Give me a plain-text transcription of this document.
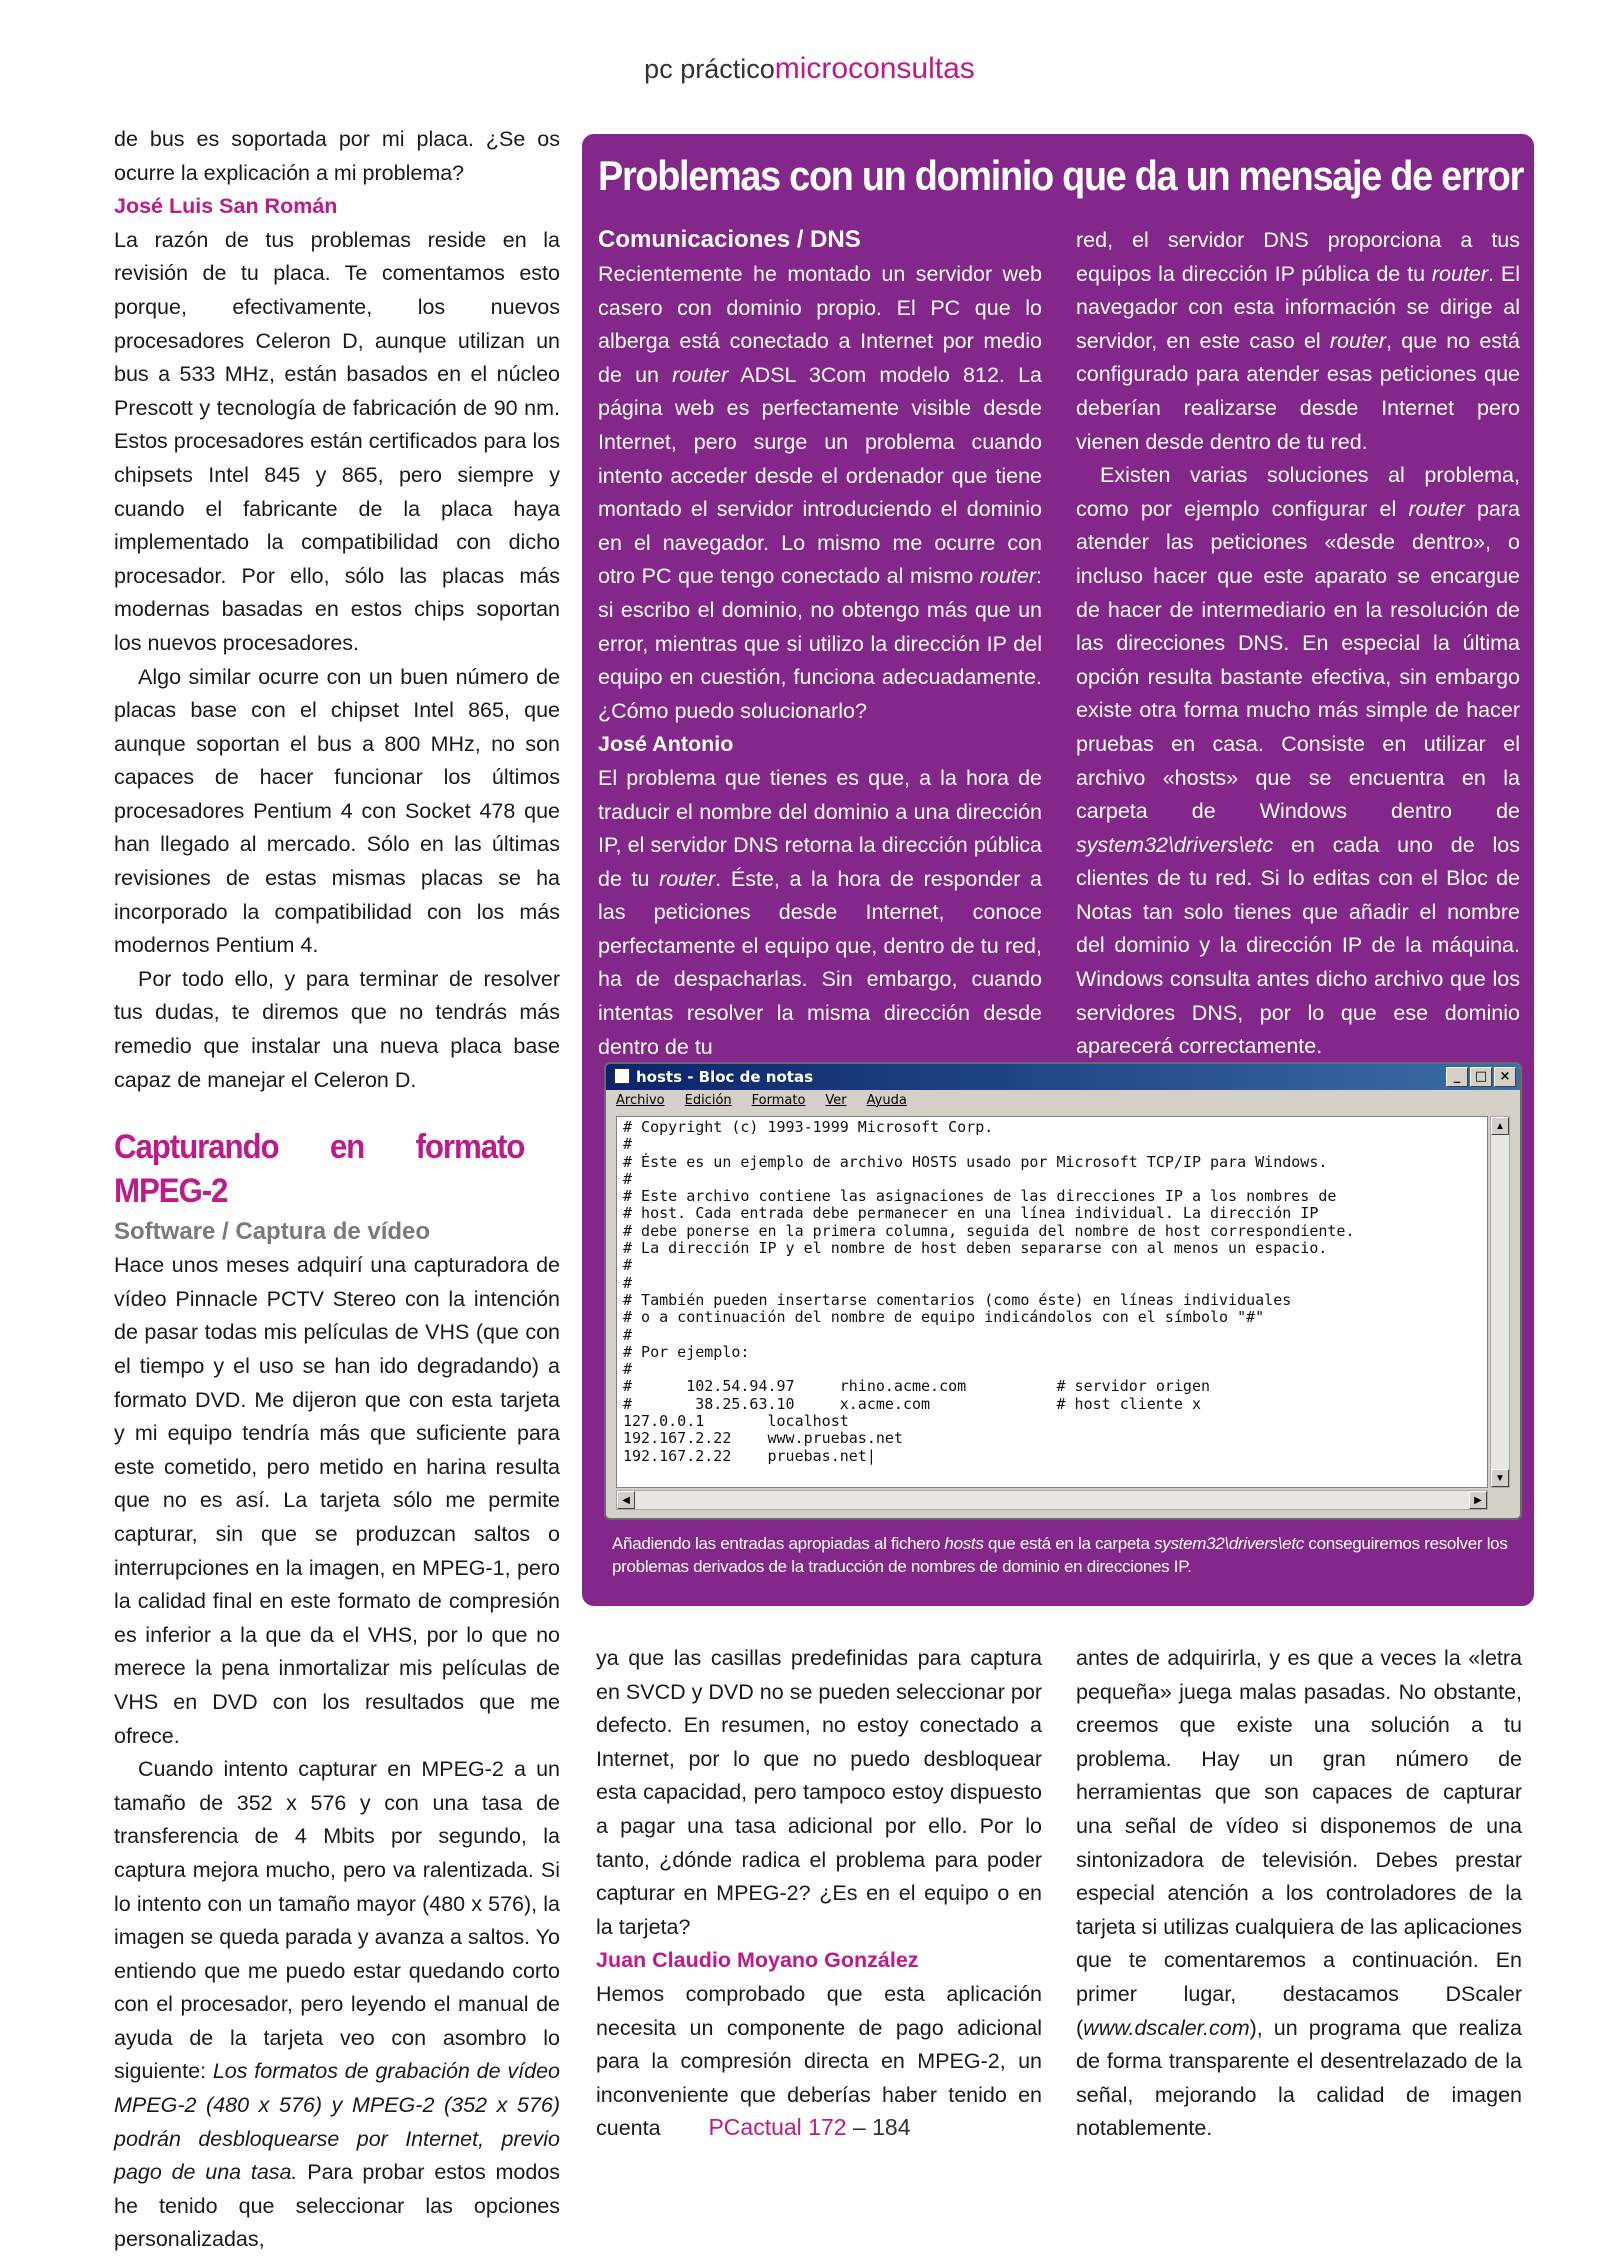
pc prácticomicroconsultas

de bus es soportada por mi placa. ¿Se os ocurre la explicación a mi problema?

José Luis San Román

La razón de tus problemas reside en la revisión de tu placa. Te comentamos esto porque, efectivamente, los nuevos procesadores Celeron D, aunque utilizan un bus a 533 MHz, están basados en el núcleo Prescott y tecnología de fabricación de 90 nm. Estos procesadores están certificados para los chipsets Intel 845 y 865, pero siempre y cuando el fabricante de la placa haya implementado la compatibilidad con dicho procesador. Por ello, sólo las placas más modernas basadas en estos chips soportan los nuevos procesadores.

Algo similar ocurre con un buen número de placas base con el chipset Intel 865, que aunque soportan el bus a 800 MHz, no son capaces de hacer funcionar los últimos procesadores Pentium 4 con Socket 478 que han llegado al mercado. Sólo en las últimas revisiones de estas mismas placas se ha incorporado la compatibilidad con los más modernos Pentium 4.

Por todo ello, y para terminar de resolver tus dudas, te diremos que no tendrás más remedio que instalar una nueva placa base capaz de manejar el Celeron D.

Capturando en formato MPEG-2

Software / Captura de vídeo

Hace unos meses adquirí una capturadora de vídeo Pinnacle PCTV Stereo con la intención de pasar todas mis películas de VHS (que con el tiempo y el uso se han ido degradando) a formato DVD. Me dijeron que con esta tarjeta y mi equipo tendría más que suficiente para este cometido, pero metido en harina resulta que no es así. La tarjeta sólo me permite capturar, sin que se produzcan saltos o interrupciones en la imagen, en MPEG-1, pero la calidad final en este formato de compresión es inferior a la que da el VHS, por lo que no merece la pena inmortalizar mis películas de VHS en DVD con los resultados que me ofrece.

Cuando intento capturar en MPEG-2 a un tamaño de 352 x 576 y con una tasa de transferencia de 4 Mbits por segundo, la captura mejora mucho, pero va ralentizada. Si lo intento con un tamaño mayor (480 x 576), la imagen se queda parada y avanza a saltos. Yo entiendo que me puedo estar quedando corto con el procesador, pero leyendo el manual de ayuda de la tarjeta veo con asombro lo siguiente: Los formatos de grabación de vídeo MPEG-2 (480 x 576) y MPEG-2 (352 x 576) podrán desbloquearse por Internet, previo pago de una tasa. Para probar estos modos he tenido que seleccionar las opciones personalizadas,

Problemas con un dominio que da un mensaje de error

Comunicaciones / DNS

Recientemente he montado un servidor web casero con dominio propio. El PC que lo alberga está conectado a Internet por medio de un router ADSL 3Com modelo 812. La página web es perfectamente visible desde Internet, pero surge un problema cuando intento acceder desde el ordenador que tiene montado el servidor introduciendo el dominio en el navegador. Lo mismo me ocurre con otro PC que tengo conectado al mismo router: si escribo el dominio, no obtengo más que un error, mientras que si utilizo la dirección IP del equipo en cuestión, funciona adecuadamente. ¿Cómo puedo solucionarlo?

José Antonio

El problema que tienes es que, a la hora de traducir el nombre del dominio a una dirección IP, el servidor DNS retorna la dirección pública de tu router. Éste, a la hora de responder a las peticiones desde Internet, conoce perfectamente el equipo que, dentro de tu red, ha de despacharlas. Sin embargo, cuando intentas resolver la misma dirección desde dentro de tu

red, el servidor DNS proporciona a tus equipos la dirección IP pública de tu router. El navegador con esta información se dirige al servidor, en este caso el router, que no está configurado para atender esas peticiones que deberían realizarse desde Internet pero vienen desde dentro de tu red.

Existen varias soluciones al problema, como por ejemplo configurar el router para atender las peticiones «desde dentro», o incluso hacer que este aparato se encargue de hacer de intermediario en la resolución de las direcciones DNS. En especial la última opción resulta bastante efectiva, sin embargo existe otra forma mucho más simple de hacer pruebas en casa. Consiste en utilizar el archivo «hosts» que se encuentra en la carpeta de Windows dentro de system32\drivers\etc en cada uno de los clientes de tu red. Si lo editas con el Bloc de Notas tan solo tienes que añadir el nombre del dominio y la dirección IP de la máquina. Windows consulta antes dicho archivo que los servidores DNS, por lo que ese dominio aparecerá correctamente.

hosts - Bloc de notas	_	□ ×
Archivo Edición Formato Ver Ayuda
# Copyright (c) 1993-1999 Microsoft Corp.
#
# Éste es un ejemplo de archivo HOSTS usado por Microsoft TCP/IP para Windows.
#
# Este archivo contiene las asignaciones de las direcciones IP a los nombres de
# host. Cada entrada debe permanecer en una línea individual. La dirección IP
# debe ponerse en la primera columna, seguida del nombre de host correspondiente.
# La dirección IP y el nombre de host deben separarse con al menos un espacio.
#
#
# También pueden insertarse comentarios (como éste) en líneas individuales
# o a continuación del nombre de equipo indicándolos con el símbolo "#"
#
# Por ejemplo:
#
#      102.54.94.97     rhino.acme.com          # servidor origen
#       38.25.63.10     x.acme.com              # host cliente x
127.0.0.1       localhost
192.167.2.22    www.pruebas.net
192.167.2.22    pruebas.net|
▲
▼
◀	▶
Añadiendo las entradas apropiadas al fichero hosts que está en la carpeta system32\drivers\etc conseguiremos resolver los problemas derivados de la traducción de nombres de dominio en direcciones IP.

ya que las casillas predefinidas para captura en SVCD y DVD no se pueden seleccionar por defecto. En resumen, no estoy conectado a Internet, por lo que no puedo desbloquear esta capacidad, pero tampoco estoy dispuesto a pagar una tasa adicional por ello. Por lo tanto, ¿dónde radica el problema para poder capturar en MPEG-2? ¿Es en el equipo o en la tarjeta?

Juan Claudio Moyano González

Hemos comprobado que esta aplicación necesita un componente de pago adicional para la compresión directa en MPEG-2, un inconveniente que deberías haber tenido en cuenta

antes de adquirirla, y es que a veces la «letra pequeña» juega malas pasadas. No obstante, creemos que existe una solución a tu problema. Hay un gran número de herramientas que son capaces de capturar una señal de vídeo si disponemos de una sintonizadora de televisión. Debes prestar especial atención a los controladores de la tarjeta si utilizas cualquiera de las aplicaciones que te comentaremos a continuación. En primer lugar, destacamos DScaler (www.dscaler.com), un programa que realiza de forma transparente el desentrelazado de la señal, mejorando la calidad de imagen notablemente.

PCactual 172 – 184
